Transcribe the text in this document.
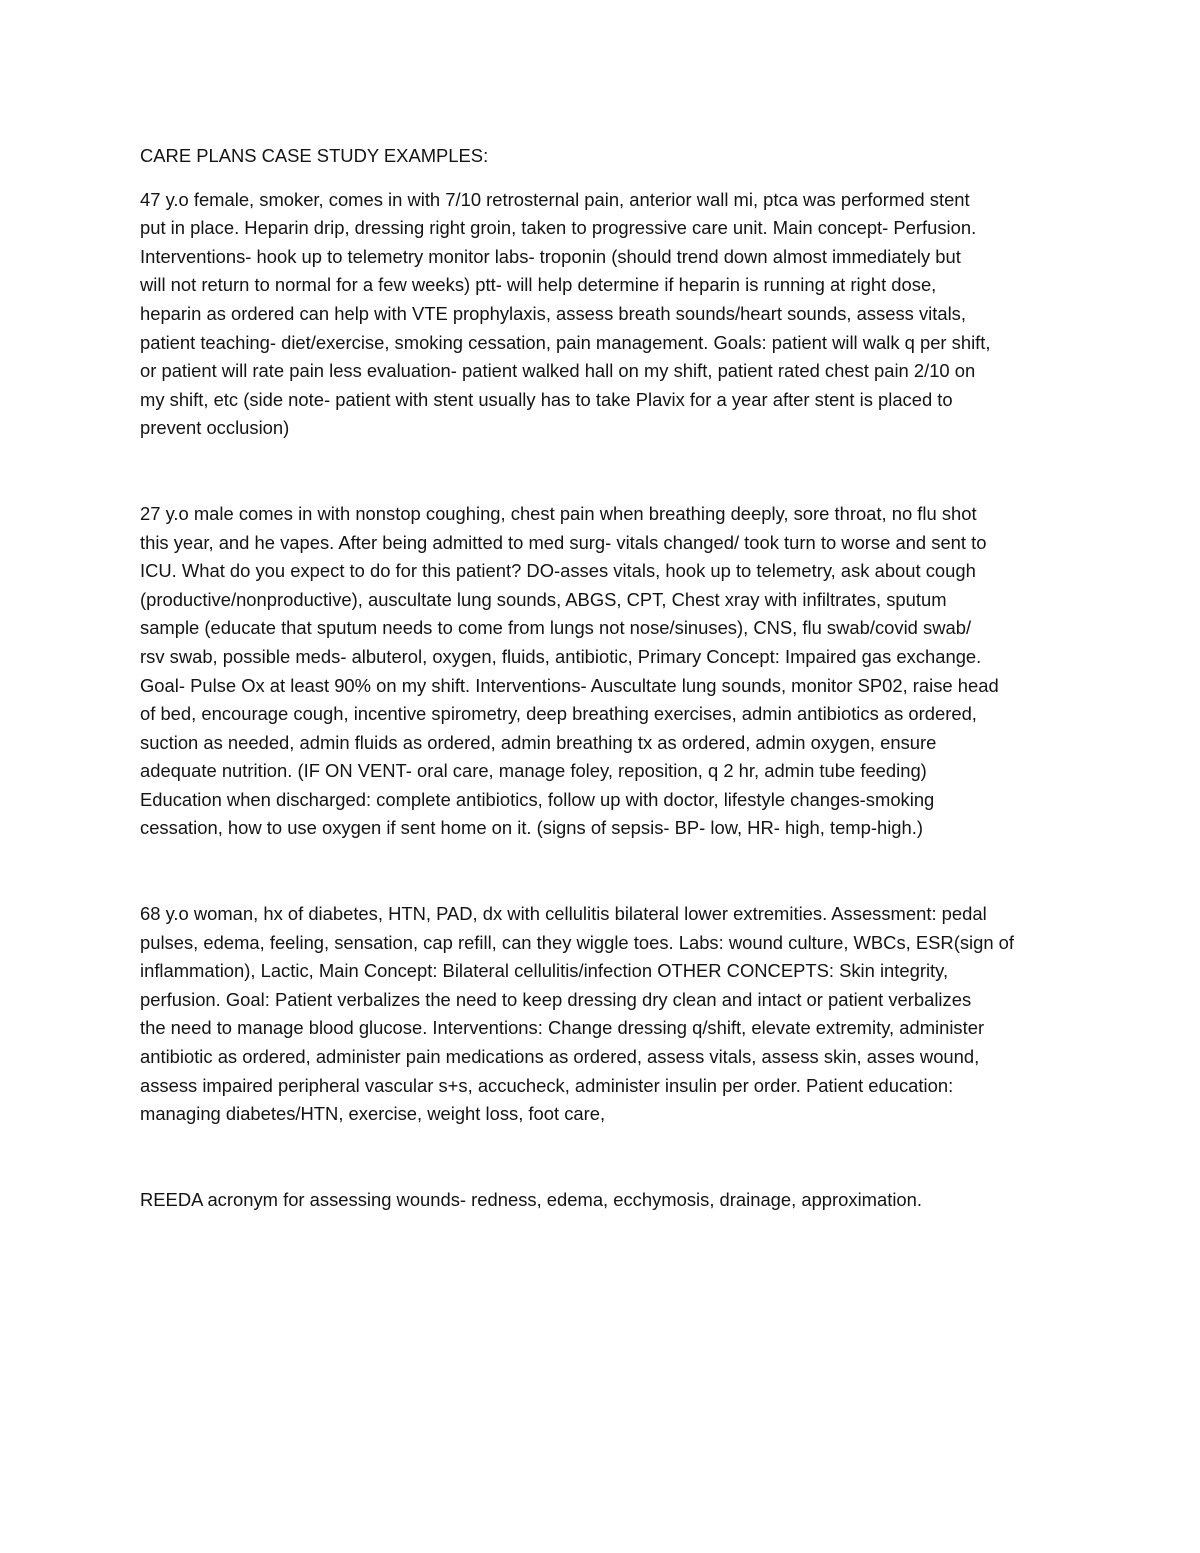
CARE PLANS CASE STUDY EXAMPLES:
47 y.o female, smoker, comes in with 7/10 retrosternal pain, anterior wall mi, ptca was performed stent
put in place. Heparin drip, dressing right groin, taken to progressive care unit. Main concept- Perfusion.
Interventions- hook up to telemetry monitor labs- troponin (should trend down almost immediately but
will not return to normal for a few weeks) ptt- will help determine if heparin is running at right dose,
heparin as ordered can help with VTE prophylaxis, assess breath sounds/heart sounds, assess vitals,
patient teaching- diet/exercise, smoking cessation, pain management. Goals: patient will walk q per shift,
or patient will rate pain less evaluation- patient walked hall on my shift, patient rated chest pain 2/10 on
my shift, etc (side note- patient with stent usually has to take Plavix for a year after stent is placed to
prevent occlusion)
27 y.o male comes in with nonstop coughing, chest pain when breathing deeply, sore throat, no flu shot
this year, and he vapes. After being admitted to med surg- vitals changed/ took turn to worse and sent to
ICU. What do you expect to do for this patient? DO-asses vitals, hook up to telemetry, ask about cough
(productive/nonproductive), auscultate lung sounds, ABGS, CPT, Chest xray with infiltrates, sputum
sample (educate that sputum needs to come from lungs not nose/sinuses), CNS, flu swab/covid swab/
rsv swab, possible meds- albuterol, oxygen, fluids, antibiotic, Primary Concept: Impaired gas exchange.
Goal- Pulse Ox at least 90% on my shift. Interventions- Auscultate lung sounds, monitor SP02, raise head
of bed, encourage cough, incentive spirometry, deep breathing exercises, admin antibiotics as ordered,
suction as needed, admin fluids as ordered, admin breathing tx as ordered, admin oxygen, ensure
adequate nutrition. (IF ON VENT- oral care, manage foley, reposition, q 2 hr, admin tube feeding)
Education when discharged: complete antibiotics, follow up with doctor, lifestyle changes-smoking
cessation, how to use oxygen if sent home on it. (signs of sepsis- BP- low, HR- high, temp-high.)
68 y.o woman, hx of diabetes, HTN, PAD, dx with cellulitis bilateral lower extremities. Assessment: pedal
pulses, edema, feeling, sensation, cap refill, can they wiggle toes. Labs: wound culture, WBCs, ESR(sign of
inflammation), Lactic, Main Concept: Bilateral cellulitis/infection OTHER CONCEPTS: Skin integrity,
perfusion. Goal: Patient verbalizes the need to keep dressing dry clean and intact or patient verbalizes
the need to manage blood glucose. Interventions: Change dressing q/shift, elevate extremity, administer
antibiotic as ordered, administer pain medications as ordered, assess vitals, assess skin, asses wound,
assess impaired peripheral vascular s+s, accucheck, administer insulin per order. Patient education:
managing diabetes/HTN, exercise, weight loss, foot care,
REEDA acronym for assessing wounds- redness, edema, ecchymosis, drainage, approximation.
